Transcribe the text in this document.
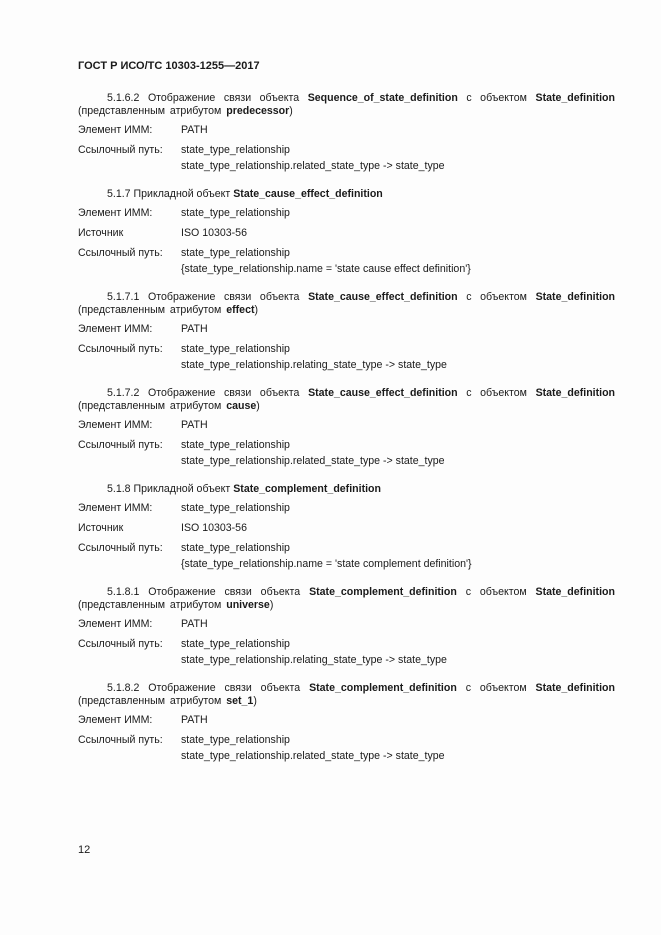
ГОСТ Р ИСО/ТС 10303-1255—2017
5.1.6.2 Отображение связи объекта Sequence_of_state_definition с объектом State_definition (представленным атрибутом predecessor)
Элемент ИММ:	PATH
Ссылочный путь:	state_type_relationship
state_type_relationship.related_state_type -> state_type
5.1.7 Прикладной объект State_cause_effect_definition
Элемент ИММ:	state_type_relationship
Источник	ISO 10303-56
Ссылочный путь:	state_type_relationship
{state_type_relationship.name = 'state cause effect definition'}
5.1.7.1 Отображение связи объекта State_cause_effect_definition с объектом State_definition (представленным атрибутом effect)
Элемент ИММ:	PATH
Ссылочный путь:	state_type_relationship
state_type_relationship.relating_state_type -> state_type
5.1.7.2 Отображение связи объекта State_cause_effect_definition с объектом State_definition (представленным атрибутом cause)
Элемент ИММ:	PATH
Ссылочный путь:	state_type_relationship
state_type_relationship.related_state_type -> state_type
5.1.8 Прикладной объект State_complement_definition
Элемент ИММ:	state_type_relationship
Источник	ISO 10303-56
Ссылочный путь:	state_type_relationship
{state_type_relationship.name = 'state complement definition'}
5.1.8.1 Отображение связи объекта State_complement_definition с объектом State_definition (представленным атрибутом universe)
Элемент ИММ:	PATH
Ссылочный путь:	state_type_relationship
state_type_relationship.relating_state_type -> state_type
5.1.8.2 Отображение связи объекта State_complement_definition с объектом State_definition (представленным атрибутом set_1)
Элемент ИММ:	PATH
Ссылочный путь:	state_type_relationship
state_type_relationship.related_state_type -> state_type
12
